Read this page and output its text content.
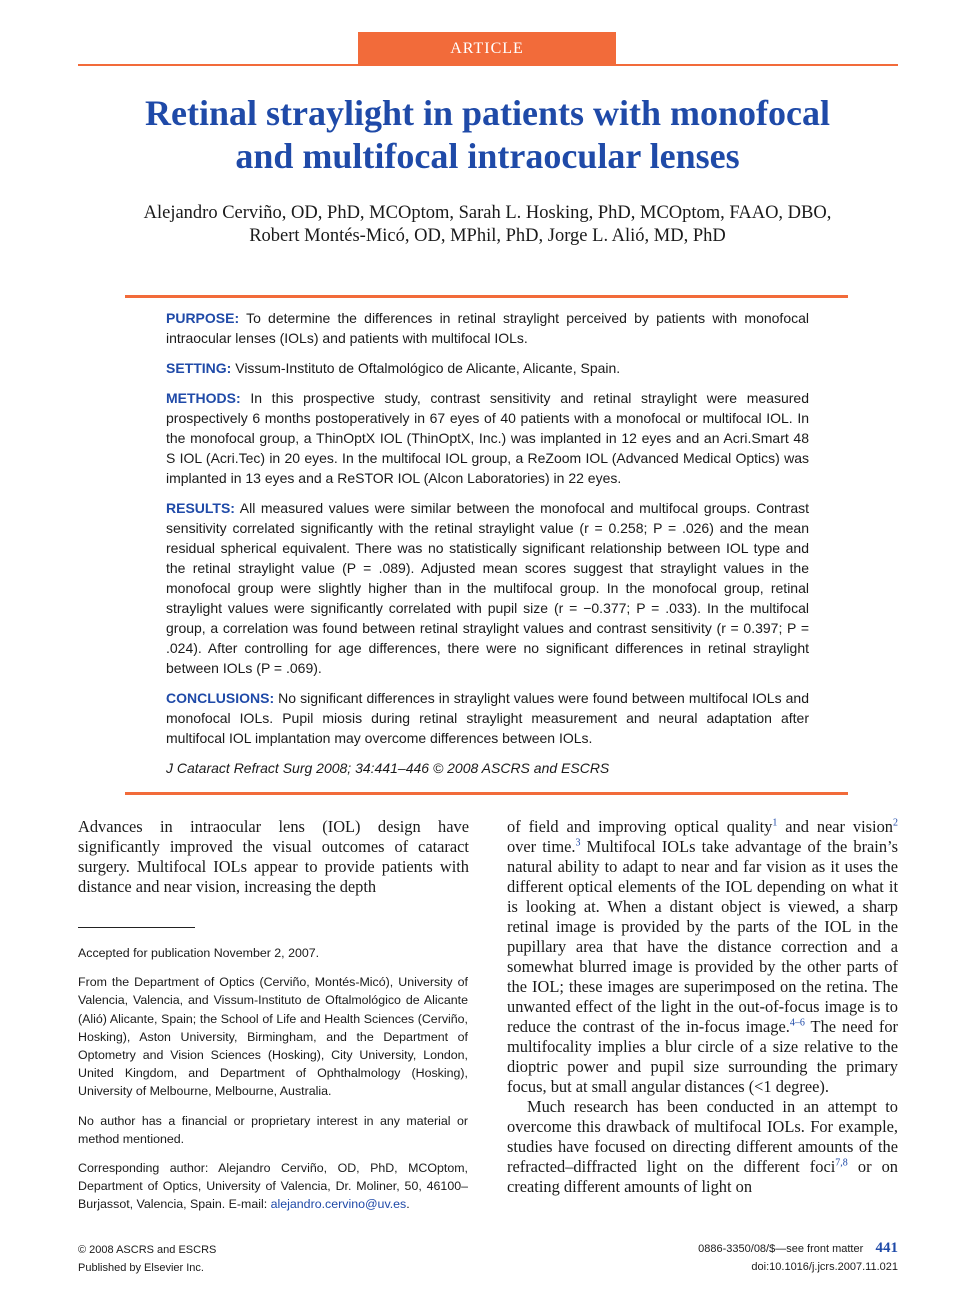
ARTICLE
Retinal straylight in patients with monofocal
and multifocal intraocular lenses
Alejandro Cerviño, OD, PhD, MCOptom, Sarah L. Hosking, PhD, MCOptom, FAAO, DBO,
Robert Montés-Micó, OD, MPhil, PhD, Jorge L. Alió, MD, PhD

PURPOSE: To determine the differences in retinal straylight perceived by patients with monofocal intraocular lenses (IOLs) and patients with multifocal IOLs.

SETTING: Vissum-Instituto de Oftalmológico de Alicante, Alicante, Spain.

METHODS: In this prospective study, contrast sensitivity and retinal straylight were measured prospectively 6 months postoperatively in 67 eyes of 40 patients with a monofocal or multifocal IOL. In the monofocal group, a ThinOptX IOL (ThinOptX, Inc.) was implanted in 12 eyes and an Acri.Smart 48 S IOL (Acri.Tec) in 20 eyes. In the multifocal IOL group, a ReZoom IOL (Advanced Medical Optics) was implanted in 13 eyes and a ReSTOR IOL (Alcon Laboratories) in 22 eyes.

RESULTS: All measured values were similar between the monofocal and multifocal groups. Contrast sensitivity correlated significantly with the retinal straylight value (r = 0.258; P = .026) and the mean residual spherical equivalent. There was no statistically significant relationship between IOL type and the retinal straylight value (P = .089). Adjusted mean scores suggest that straylight values in the monofocal group were slightly higher than in the multifocal group. In the monofocal group, retinal straylight values were significantly correlated with pupil size (r = −0.377; P = .033). In the multifocal group, a correlation was found between retinal straylight values and contrast sensitivity (r = 0.397; P = .024). After controlling for age differences, there were no significant differences in retinal straylight between IOLs (P = .069).

CONCLUSIONS: No significant differences in straylight values were found between multifocal IOLs and monofocal IOLs. Pupil miosis during retinal straylight measurement and neural adaptation after multifocal IOL implantation may overcome differences between IOLs.

J Cataract Refract Surg 2008; 34:441–446 © 2008 ASCRS and ESCRS

Advances in intraocular lens (IOL) design have significantly improved the visual outcomes of cataract surgery. Multifocal IOLs appear to provide patients with distance and near vision, increasing the depth

Accepted for publication November 2, 2007.

From the Department of Optics (Cerviño, Montés-Micó), University of Valencia, Valencia, and Vissum-Instituto de Oftalmológico de Alicante (Alió) Alicante, Spain; the School of Life and Health Sciences (Cerviño, Hosking), Aston University, Birmingham, and the Department of Optometry and Vision Sciences (Hosking), City University, London, United Kingdom, and Department of Ophthalmology (Hosking), University of Melbourne, Melbourne, Australia.

No author has a financial or proprietary interest in any material or method mentioned.

Corresponding author: Alejandro Cerviño, OD, PhD, MCOptom, Department of Optics, University of Valencia, Dr. Moliner, 50, 46100–Burjassot, Valencia, Spain. E-mail: alejandro.cervino@uv.es.

of field and improving optical quality$^1$ and near vision$^2$ over time.$^3$ Multifocal IOLs take advantage of the brain’s natural ability to adapt to near and far vision as it uses the different optical elements of the IOL depending on what it is looking at. When a distant object is viewed, a sharp retinal image is provided by the parts of the IOL in the pupillary area that have the distance correction and a somewhat blurred image is provided by the other parts of the IOL; these images are superimposed on the retina. The unwanted effect of the light in the out-of-focus image is to reduce the contrast of the in-focus image.$^{4-6}$ The need for multifocality implies a blur circle of a size relative to the dioptric power and pupil size surrounding the primary focus, but at small angular distances (<1 degree).

Much research has been conducted in an attempt to overcome this drawback of multifocal IOLs. For example, studies have focused on directing different amounts of the refracted–diffracted light on the different foci$^{7,8}$ or on creating different amounts of light on

© 2008 ASCRS and ESCRS
Published by Elsevier Inc.
0886-3350/08/$—see front matter 441
doi:10.1016/j.jcrs.2007.11.021
